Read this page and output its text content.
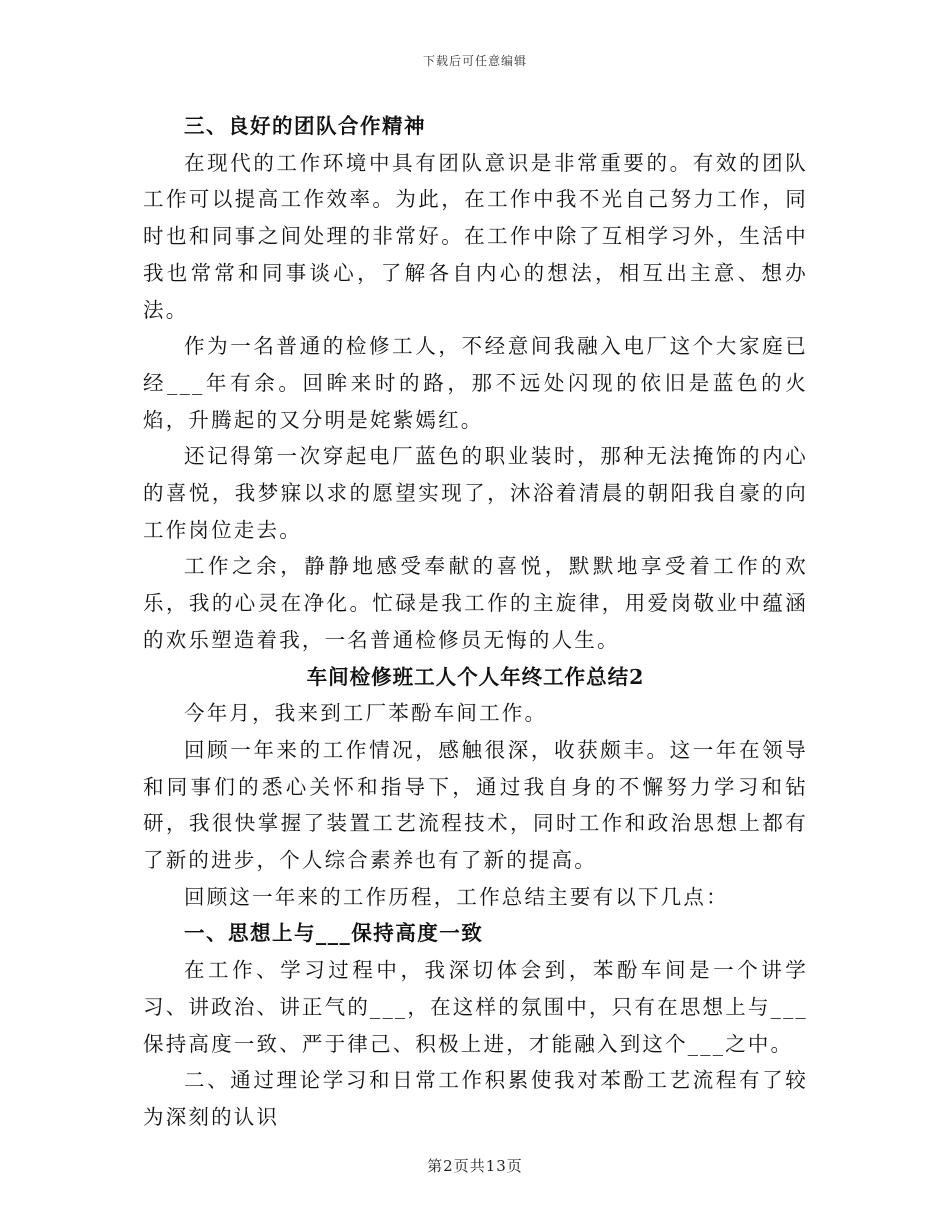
下载后可任意编辑

三、良好的团队合作精神

在现代的工作环境中具有团队意识是非常重要的。有效的团队工作可以提高工作效率。为此，在工作中我不光自己努力工作，同时也和同事之间处理的非常好。在工作中除了互相学习外，生活中我也常常和同事谈心，了解各自内心的想法，相互出主意、想办法。

作为一名普通的检修工人，不经意间我融入电厂这个大家庭已经___年有余。回眸来时的路，那不远处闪现的依旧是蓝色的火焰，升腾起的又分明是姹紫嫣红。

还记得第一次穿起电厂蓝色的职业装时，那种无法掩饰的内心的喜悦，我梦寐以求的愿望实现了，沐浴着清晨的朝阳我自豪的向工作岗位走去。

工作之余，静静地感受奉献的喜悦，默默地享受着工作的欢乐，我的心灵在净化。忙碌是我工作的主旋律，用爱岗敬业中蕴涵的欢乐塑造着我，一名普通检修员无悔的人生。

车间检修班工人个人年终工作总结2

今年月，我来到工厂苯酚车间工作。

回顾一年来的工作情况，感触很深，收获颇丰。这一年在领导和同事们的悉心关怀和指导下，通过我自身的不懈努力学习和钻研，我很快掌握了装置工艺流程技术，同时工作和政治思想上都有了新的进步，个人综合素养也有了新的提高。

回顾这一年来的工作历程，工作总结主要有以下几点：

一、思想上与___保持高度一致

在工作、学习过程中，我深切体会到，苯酚车间是一个讲学习、讲政治、讲正气的___，在这样的氛围中，只有在思想上与___保持高度一致、严于律己、积极上进，才能融入到这个___之中。

二、通过理论学习和日常工作积累使我对苯酚工艺流程有了较为深刻的认识

第2页共13页
